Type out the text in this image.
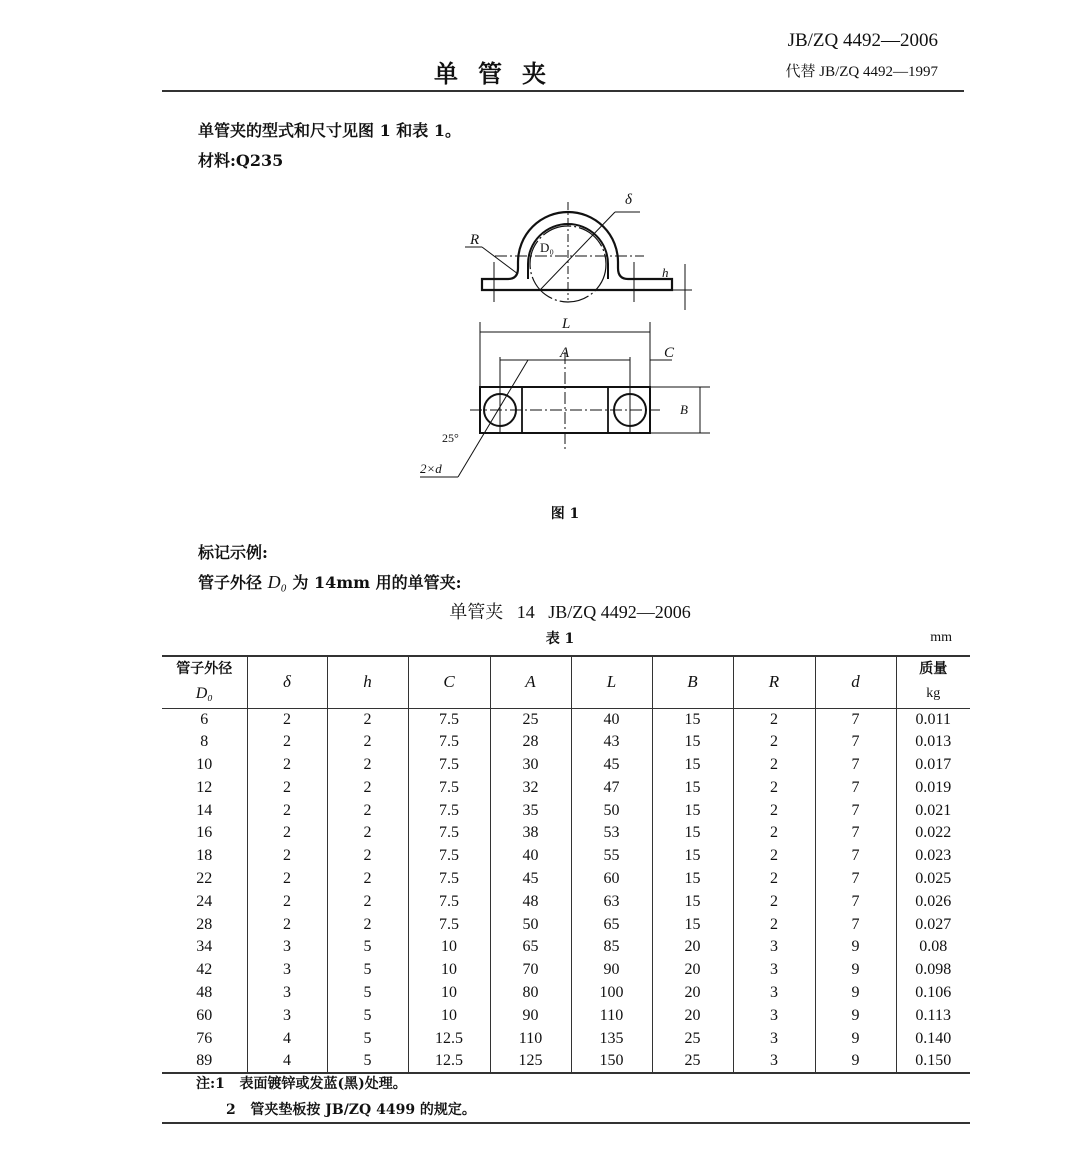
JB/ZQ 4492—2006
单管夹	代替 JB/ZQ 4492—1997
单管夹的型式和尺寸见图 1 和表 1。
材料:Q235
h
δ
R	D₀
L
A	C
B
2×d
25°
图 1
标记示例:
管子外径 D₀ 为 14mm 用的单管夹:
单管夹   14   JB/ZQ 4492—2006
表 1	mm
管子外径
D₀	δ	h	C	A	L	B	R	d	质量
kg
6	2	2	7.5	25	40	15	2	7	0.011
8	2	2	7.5	28	43	15	2	7	0.013
10	2	2	7.5	30	45	15	2	7	0.017
12	2	2	7.5	32	47	15	2	7	0.019
14	2	2	7.5	35	50	15	2	7	0.021
16	2	2	7.5	38	53	15	2	7	0.022
18	2	2	7.5	40	55	15	2	7	0.023
22	2	2	7.5	45	60	15	2	7	0.025
24	2	2	7.5	48	63	15	2	7	0.026
28	2	2	7.5	50	65	15	2	7	0.027
34	3	5	10	65	85	20	3	9	0.08
42	3	5	10	70	90	20	3	9	0.098
48	3	5	10	80	100	20	3	9	0.106
60	3	5	10	90	110	20	3	9	0.113
76	4	5	12.5	110	135	25	3	9	0.140
89	4	5	12.5	125	150	25	3	9	0.150
注:1   表面镀锌或发蓝(黑)处理。
2   管夹垫板按 JB/ZQ 4499 的规定。
